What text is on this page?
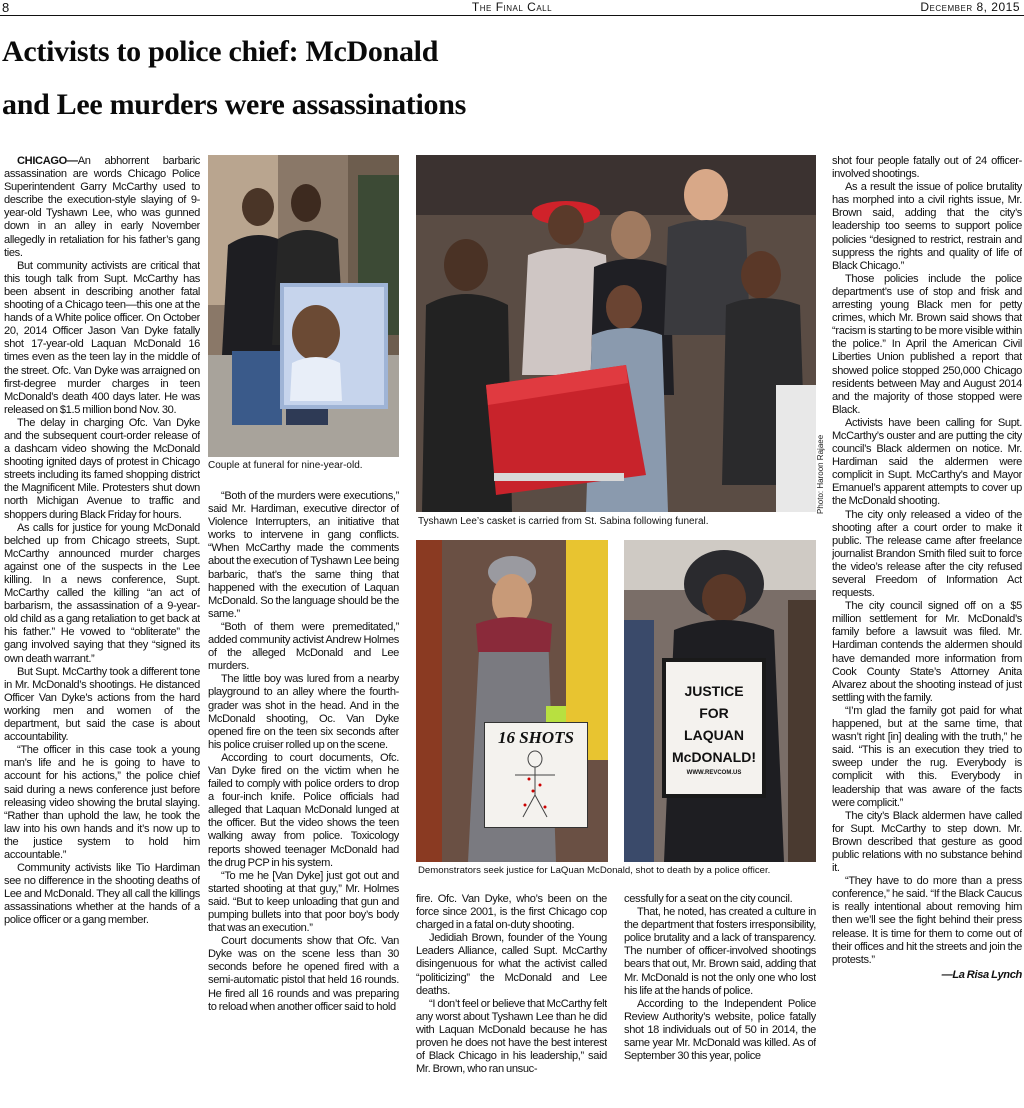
8	The Final Call	December 8, 2015
Activists to police chief: McDonald
and Lee murders were assassinations

CHICAGO—An abhorrent barbaric assassination are words Chicago Police Superintendent Garry McCarthy used to describe the execution-style slaying of 9-year-old Tyshawn Lee, who was gunned down in an alley in early November allegedly in retaliation for his father’s gang ties.

But community activists are critical that this tough talk from Supt. McCarthy has been absent in describing another fatal shooting of a Chicago teen—this one at the hands of a White police officer. On October 20, 2014 Officer Jason Van Dyke fatally shot 17-year-old Laquan McDonald 16 times even as the teen lay in the middle of the street. Ofc. Van Dyke was arraigned on first-degree murder charges in teen McDonald’s death 400 days later. He was released on $1.5 million bond Nov. 30.

The delay in charging Ofc. Van Dyke and the subsequent court-order release of a dashcam video showing the McDonald shooting ignited days of protest in Chicago streets including its famed shopping district the Magnificent Mile. Protesters shut down north Michigan Avenue to traffic and shoppers during Black Friday for hours.

As calls for justice for young McDonald belched up from Chicago streets, Supt. McCarthy announced murder charges against one of the suspects in the Lee killing. In a news conference, Supt. McCarthy called the killing “an act of barbarism, the assassination of a 9-year-old child as a gang retaliation to get back at his father.” He vowed to “obliterate” the gang involved saying that they “signed its own death warrant.”

But Supt. McCarthy took a different tone in Mr. McDonald’s shootings. He distanced Officer Van Dyke’s actions from the hard working men and women of the department, but said the case is about accountability.

“The officer in this case took a young man’s life and he is going to have to account for his actions,” the police chief said during a news conference just before releasing video showing the brutal slaying. “Rather than uphold the law, he took the law into his own hands and it’s now up to the justice system to hold him accountable.”

Community activists like Tio Hardiman see no difference in the shooting deaths of Lee and McDonald. They all call the killings assassinations whether at the hands of a police officer or a gang member.

Couple at funeral for nine-year-old.

“Both of the murders were executions,” said Mr. Hardiman, executive director of Violence Interrupters, an initiative that works to intervene in gang conflicts. “When McCarthy made the comments about the execution of Tyshawn Lee being barbaric, that’s the same thing that happened with the execution of Laquan McDonald. So the language should be the same.”

“Both of them were premeditated,” added community activist Andrew Holmes of the alleged McDonald and Lee murders.

The little boy was lured from a nearby playground to an alley where the fourth-grader was shot in the head. And in the McDonald shooting, Oc. Van Dyke opened fire on the teen six seconds after his police cruiser rolled up on the scene.

According to court documents, Ofc. Van Dyke fired on the victim when he failed to comply with police orders to drop a four-inch knife. Police officials had alleged that Laquan McDonald lunged at the officer. But the video shows the teen walking away from police. Toxicology reports showed teenager McDonald had the drug PCP in his system.

“To me he [Van Dyke] just got out and started shooting at that guy,” Mr. Holmes said. “But to keep unloading that gun and pumping bullets into that poor boy’s body that was an execution.”

Court documents show that Ofc. Van Dyke was on the scene less than 30 seconds before he opened fired with a semi-automatic pistol that held 16 rounds. He fired all 16 rounds and was preparing to reload when another officer said to hold

Tyshawn Lee’s casket is carried from St. Sabina following funeral.
Photo: Haroon Rajaee
16 SHOTS
JUSTICE
FOR
LAQUAN
McDONALD!
WWW.REVCOM.US
Demonstrators seek justice for LaQuan McDonald, shot to death by a police officer.

fire. Ofc. Van Dyke, who’s been on the force since 2001, is the first Chicago cop charged in a fatal on-duty shooting.

Jedidiah Brown, founder of the Young Leaders Alliance, called Supt. McCarthy disingenuous for what the activist called “politicizing” the McDonald and Lee deaths.

“I don’t feel or believe that McCarthy felt any worst about Tyshawn Lee than he did with Laquan McDonald because he has proven he does not have the best interest of Black Chicago in his leadership,” said Mr. Brown, who ran unsuc-

cessfully for a seat on the city council.

That, he noted, has created a culture in the department that fosters irresponsibility, police brutality and a lack of transparency. The number of officer-involved shootings bears that out, Mr. Brown said, adding that Mr. McDonald is not the only one who lost his life at the hands of police.

According to the Independent Police Review Authority’s website, police fatally shot 18 individuals out of 50 in 2014, the same year Mr. McDonald was killed. As of September 30 this year, police

shot four people fatally out of 24 officer-involved shootings.

As a result the issue of police brutality has morphed into a civil rights issue, Mr. Brown said, adding that the city’s leadership too seems to support police policies “designed to restrict, restrain and suppress the rights and quality of life of Black Chicago.”

Those policies include the police department’s use of stop and frisk and arresting young Black men for petty crimes, which Mr. Brown said shows that “racism is starting to be more visible within the police.” In April the American Civil Liberties Union published a report that showed police stopped 250,000 Chicago residents between May and August 2014 and the majority of those stopped were Black.

Activists have been calling for Supt. McCarthy’s ouster and are putting the city council’s Black aldermen on notice. Mr. Hardiman said the aldermen were complicit in Supt. McCarthy’s and Mayor Emanuel’s apparent attempts to cover up the McDonald shooting.

The city only released a video of the shooting after a court order to make it public. The release came after freelance journalist Brandon Smith filed suit to force the video’s release after the city refused several Freedom of Information Act requests.

The city council signed off on a $5 million settlement for Mr. McDonald’s family before a lawsuit was filed. Mr. Hardiman contends the aldermen should have demanded more information from Cook County State’s Attorney Anita Alvarez about the shooting instead of just settling with the family.

“I’m glad the family got paid for what happened, but at the same time, that wasn’t right [in] dealing with the truth,” he said. “This is an execution they tried to sweep under the rug. Everybody is complicit with this. Everybody in leadership that was aware of the facts were complicit.”

The city’s Black aldermen have called for Supt. McCarthy to step down. Mr. Brown described that gesture as good public relations with no substance behind it.

“They have to do more than a press conference,” he said. “If the Black Caucus is really intentional about removing him then we’ll see the fight behind their press release. It is time for them to come out of their offices and hit the streets and join the protests.”

—La Risa Lynch
